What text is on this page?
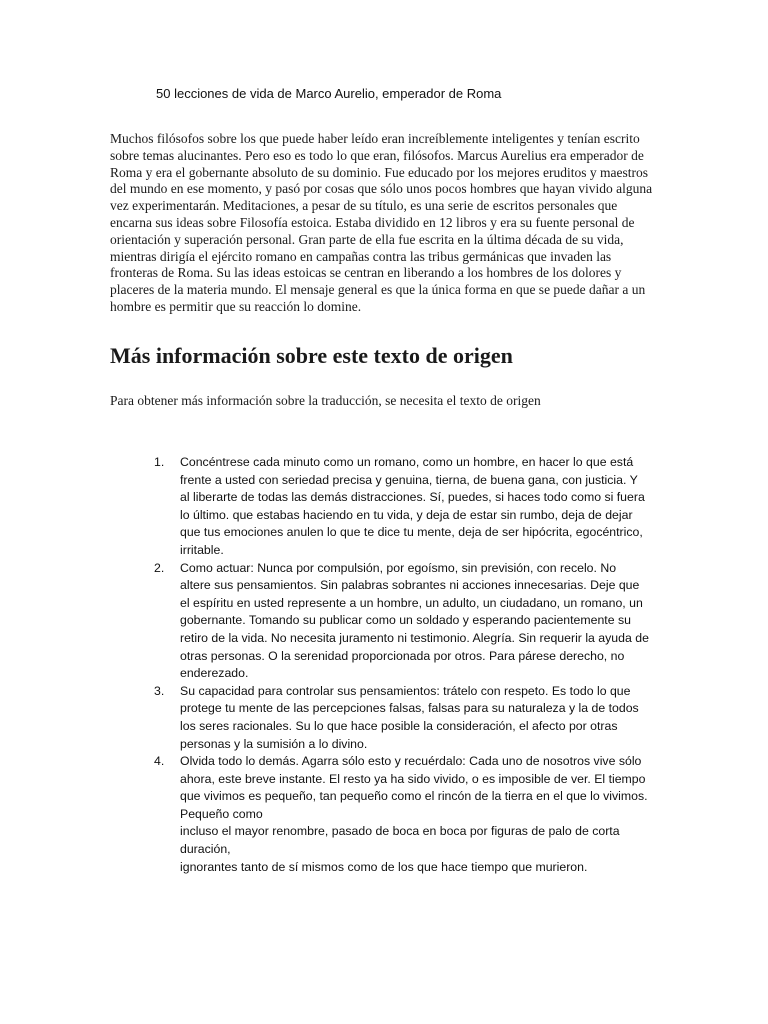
50 lecciones de vida de Marco Aurelio, emperador de Roma

Muchos filósofos sobre los que puede haber leído eran increíblemente inteligentes y tenían escrito sobre temas alucinantes. Pero eso es todo lo que eran, filósofos. Marcus Aurelius era emperador de Roma y era el gobernante absoluto de su dominio. Fue educado por los mejores eruditos y maestros del mundo en ese momento, y pasó por cosas que sólo unos pocos hombres que hayan vivido alguna vez experimentarán. Meditaciones, a pesar de su título, es una serie de escritos personales que encarna sus ideas sobre Filosofía estoica. Estaba dividido en 12 libros y era su fuente personal de orientación y superación personal. Gran parte de ella fue escrita en la última década de su vida, mientras dirigía el ejército romano en campañas contra las tribus germánicas que invaden las fronteras de Roma. Su las ideas estoicas se centran en liberando a los hombres de los dolores y placeres de la materia mundo. El mensaje general es que la única forma en que se puede dañar a un hombre es permitir que su reacción lo domine.

Más información sobre este texto de origen

Para obtener más información sobre la traducción, se necesita el texto de origen

1.	Concéntrese cada minuto como un romano, como un hombre, en hacer lo que está frente a usted con seriedad precisa y genuina, tierna, de buena gana, con justicia. Y al liberarte de todas las demás distracciones. Sí, puedes, si haces todo como si fuera lo último. que estabas haciendo en tu vida, y deja de estar sin rumbo, deja de dejar que tus emociones anulen lo que te dice tu mente, deja de ser hipócrita, egocéntrico, irritable.
2.	Como actuar: Nunca por compulsión, por egoísmo, sin previsión, con recelo. No altere sus pensamientos. Sin palabras sobrantes ni acciones innecesarias. Deje que el espíritu en usted represente a un hombre, un adulto, un ciudadano, un romano, un gobernante. Tomando su publicar como un soldado y esperando pacientemente su retiro de la vida. No necesita juramento ni testimonio. Alegría. Sin requerir la ayuda de otras personas. O la serenidad proporcionada por otros. Para párese derecho, no enderezado.
3.	Su capacidad para controlar sus pensamientos: trátelo con respeto. Es todo lo que protege tu mente de las percepciones falsas, falsas para su naturaleza y la de todos los seres racionales. Su lo que hace posible la consideración, el afecto por otras personas y la sumisión a lo divino.
4.	Olvida todo lo demás. Agarra sólo esto y recuérdalo: Cada uno de nosotros vive sólo ahora, este breve instante. El resto ya ha sido vivido, o es imposible de ver. El tiempo que vivimos es pequeño, tan pequeño como el rincón de la tierra en el que lo vivimos. Pequeño como
incluso el mayor renombre, pasado de boca en boca por figuras de palo de corta duración,
ignorantes tanto de sí mismos como de los que hace tiempo que murieron.
